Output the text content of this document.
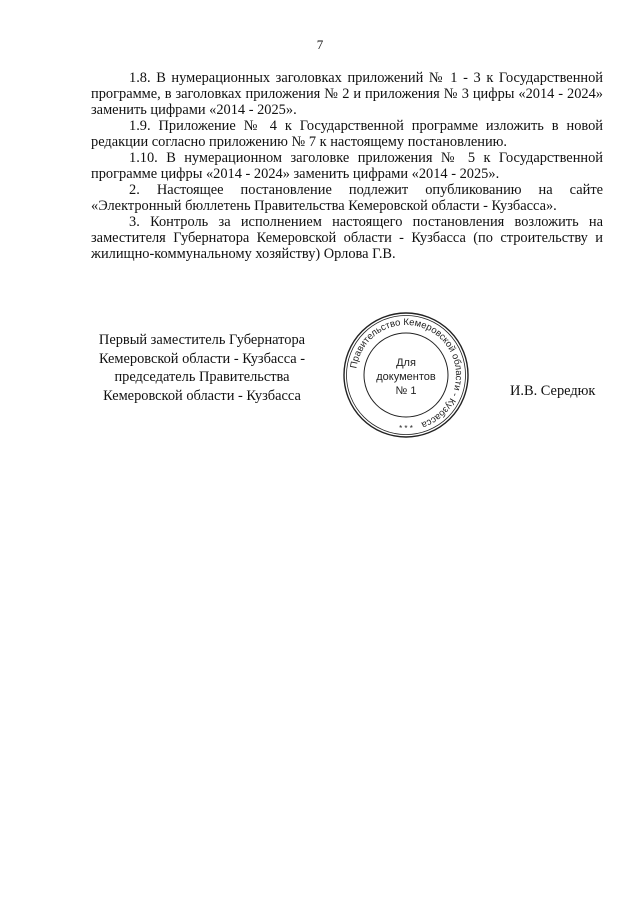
7

1.8. В нумерационных заголовках приложений № 1 - 3 к Государственной программе, в заголовках приложения № 2 и приложения № 3 цифры «2014 - 2024» заменить цифрами «2014 - 2025».

1.9. Приложение № 4 к Государственной программе изложить в новой редакции согласно приложению № 7 к настоящему постановлению.

1.10. В нумерационном заголовке приложения № 5 к Государственной программе цифры «2014 - 2024» заменить цифрами «2014 - 2025».

2. Настоящее постановление подлежит опубликованию на сайте «Электронный бюллетень Правительства Кемеровской области - Кузбасса».

3. Контроль за исполнением настоящего постановления возложить на заместителя Губернатора Кемеровской области - Кузбасса (по строительству и жилищно-коммунальному хозяйству) Орлова Г.В.

Первый заместитель Губернатора
Кемеровской области - Кузбасса -
председатель Правительства
Кемеровской области - Кузбасса
Правительство Кемеровской области - Кузбасса
Для
документов
№ 1
* * *
И.В. Середюк
